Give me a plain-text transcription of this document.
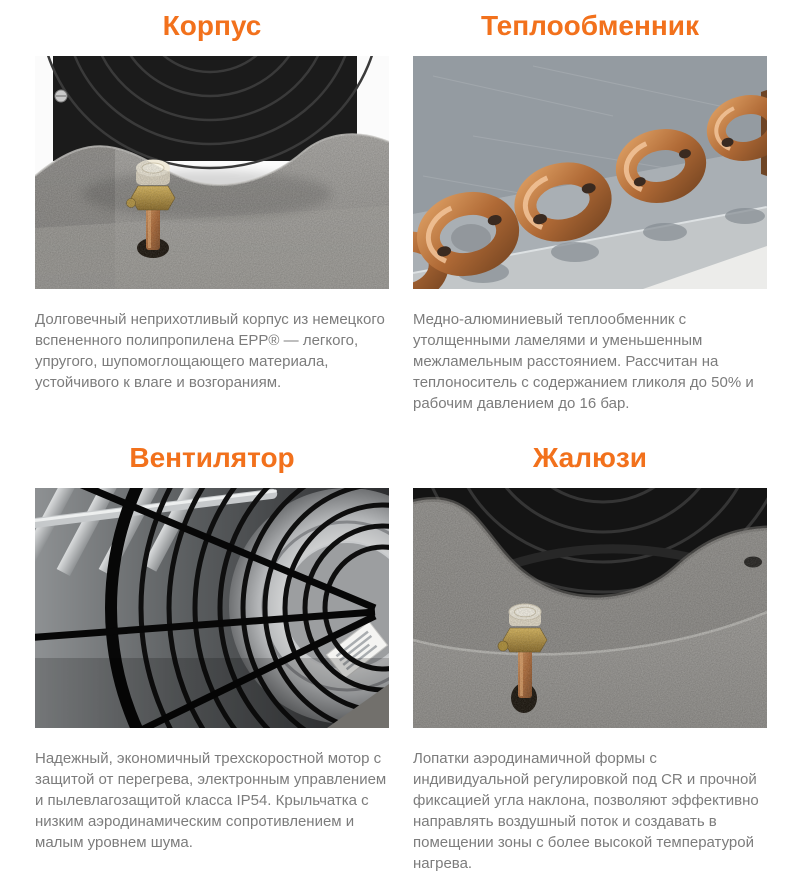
Корпус

Долговечный неприхотливый корпус из немецкого вспененного полипропилена EPP® — легкого, упругого, шупомоглощающего материала, устойчивого к влаге и возгораниям.

Теплообменник

Медно-алюминиевый теплообменник с утолщенными ламелями и уменьшенным межламельным расстоянием. Рассчитан на теплоноситель с содержанием гликоля до 50% и рабочим давлением до 16 бар.

Вентилятор

Надежный, экономичный трехскоростной мотор с защитой от перегрева, электронным управлением и пылевлагозащитой класса IP54. Крыльчатка с низким аэродинамическим сопротивлением и малым уровнем шума.

Жалюзи

Лопатки аэродинамичной формы с индивидуальной регулировкой под CR и прочной фиксацией угла наклона, позволяют эффективно направлять воздушный поток и создавать в помещении зоны с более высокой температурой нагрева.
